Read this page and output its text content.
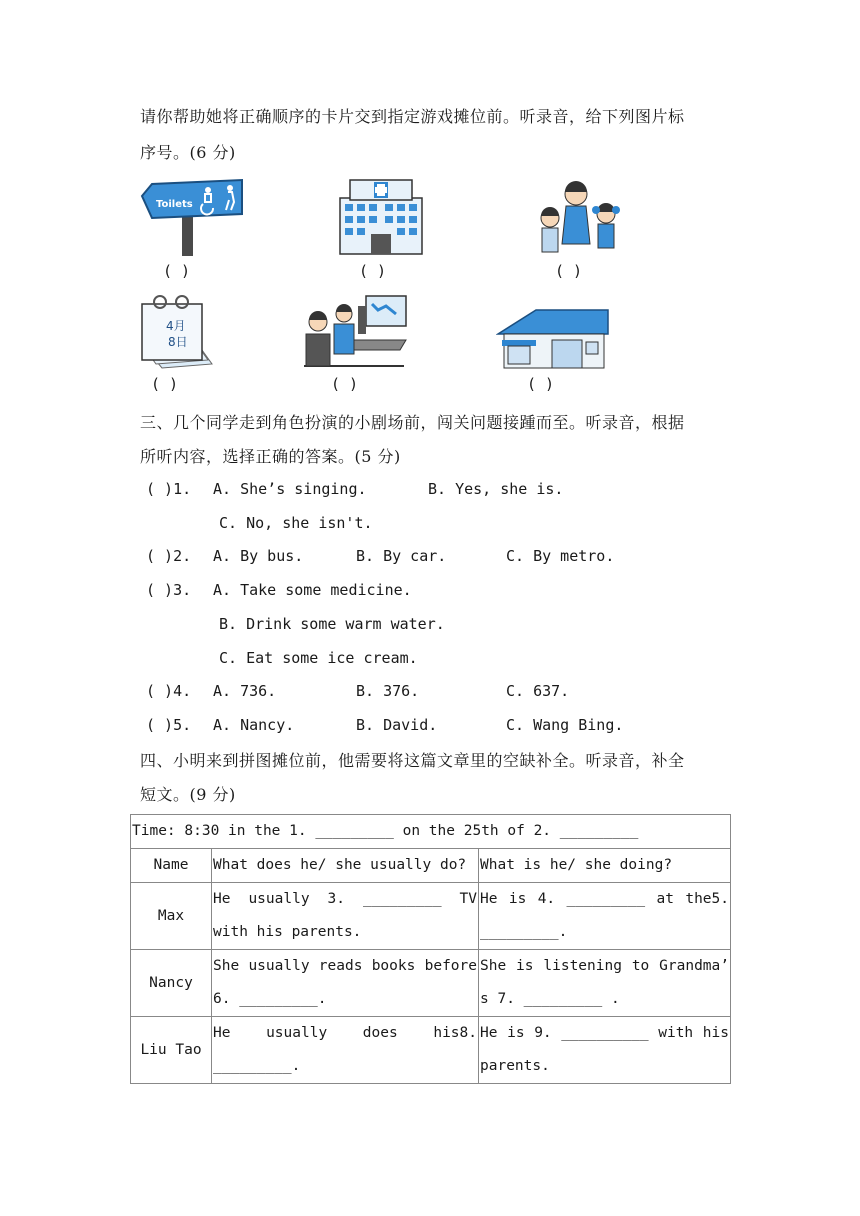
请你帮助她将正确顺序的卡片交到指定游戏摊位前。听录音，给下列图片标
序号。(6 分)
Toilets
( )	( )	( )
4月
8日
( )	( )	( )
三、几个同学走到角色扮演的小剧场前，闯关问题接踵而至。听录音，根据
所听内容，选择正确的答案。(5 分)
( )1. A. She’s singing.	B. Yes, she is.
C. No, she isn't.
( )2. A. By bus.	B. By car.	C. By metro.
( )3. A. Take some medicine.
B. Drink some warm water.
C. Eat some ice cream.
( )4. A. 736.	B. 376.	C. 637.
( )5. A. Nancy.	B. David.	C. Wang Bing.
四、小明来到拼图摊位前，他需要将这篇文章里的空缺补全。听录音，补全
短文。(9 分)
Time: 8:30 in the 1. _________ on the 25th of 2. _________		
Name	What does he/ she usually do?	What is he/ she doing?
Max	He usually 3. _________ TV with his parents.	He is 4. _________ at the5. _________.
Nancy	She usually reads books before 6. _________.	She is listening to Grandma’ s 7. _________ .
Liu Tao	He usually does his8. _________.	He is 9. __________ with his parents.
